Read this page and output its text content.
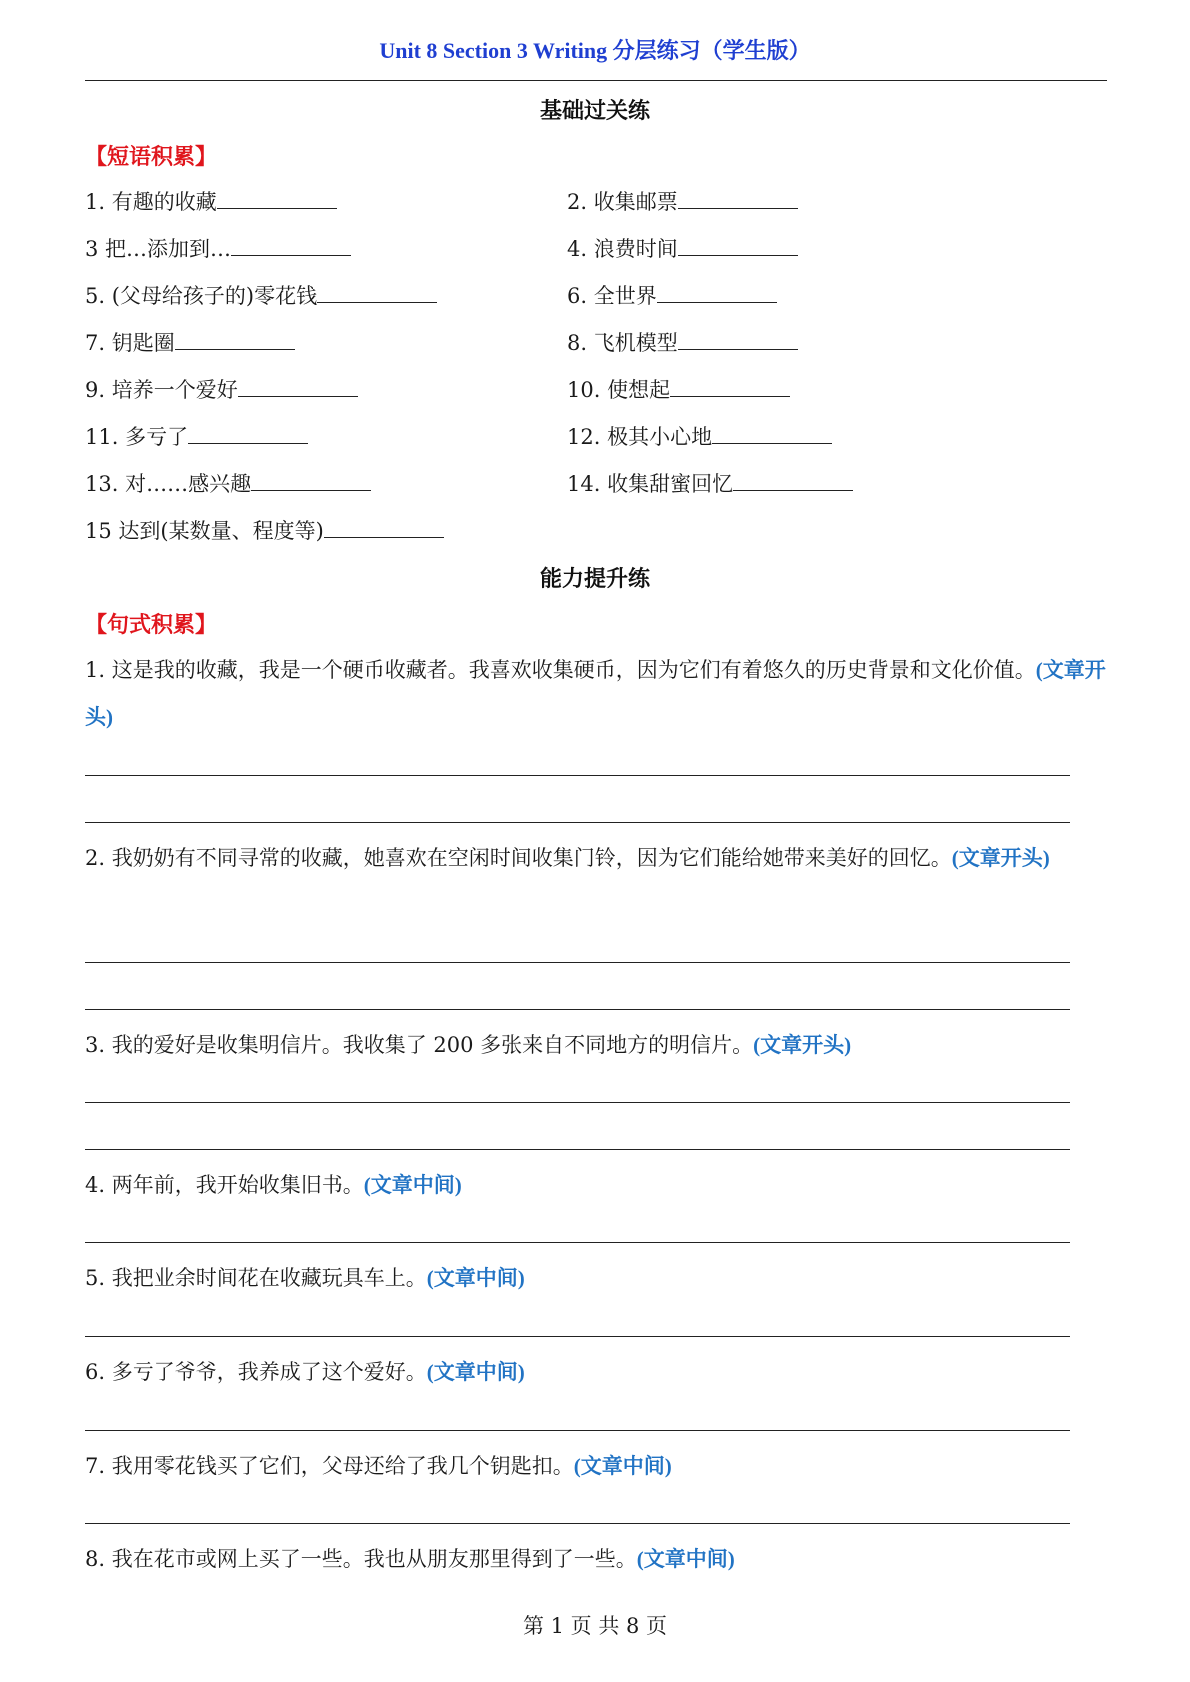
Unit 8 Section 3 Writing 分层练习（学生版）
基础过关练
【短语积累】
1. 有趣的收藏	2. 收集邮票
3 把…添加到…	4. 浪费时间
5. (父母给孩子的)零花钱	6. 全世界
7. 钥匙圈	8. 飞机模型
9. 培养一个爱好	10. 使想起
11. 多亏了	12. 极其小心地
13. 对……感兴趣	14. 收集甜蜜回忆
15 达到(某数量、程度等)
能力提升练
【句式积累】
1. 这是我的收藏，我是一个硬币收藏者。我喜欢收集硬币，因为它们有着悠久的历史背景和文化价值。(文章开头)
2. 我奶奶有不同寻常的收藏，她喜欢在空闲时间收集门铃，因为它们能给她带来美好的回忆。(文章开头)
3. 我的爱好是收集明信片。我收集了 200 多张来自不同地方的明信片。(文章开头)
4. 两年前，我开始收集旧书。(文章中间)
5. 我把业余时间花在收藏玩具车上。(文章中间)
6. 多亏了爷爷，我养成了这个爱好。(文章中间)
7. 我用零花钱买了它们，父母还给了我几个钥匙扣。(文章中间)
8. 我在花市或网上买了一些。我也从朋友那里得到了一些。(文章中间)
第 1 页 共 8 页
